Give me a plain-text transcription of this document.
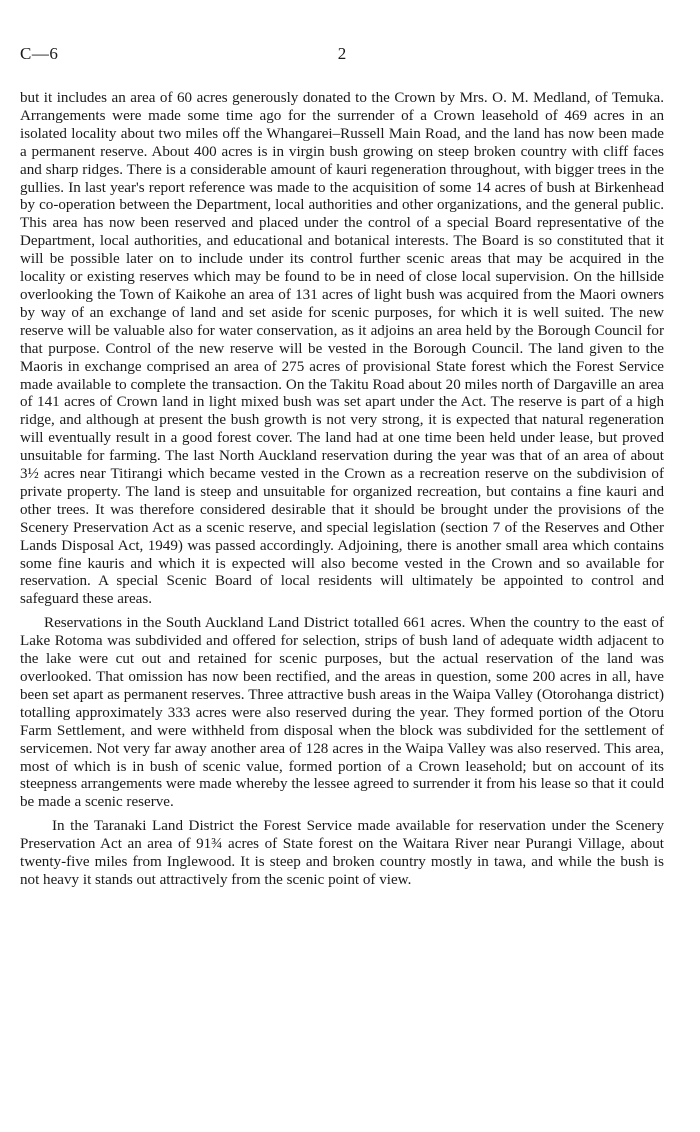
C—6	2

but it includes an area of 60 acres generously donated to the Crown by Mrs. O. M. Medland, of Temuka. Arrangements were made some time ago for the surrender of a Crown leasehold of 469 acres in an isolated locality about two miles off the Whangarei–Russell Main Road, and the land has now been made a permanent reserve. About 400 acres is in virgin bush growing on steep broken country with cliff faces and sharp ridges. There is a considerable amount of kauri regeneration throughout, with bigger trees in the gullies. In last year's report reference was made to the acquisition of some 14 acres of bush at Birkenhead by co-operation between the Department, local authorities and other organizations, and the general public. This area has now been reserved and placed under the control of a special Board representative of the Department, local authorities, and educational and botanical interests. The Board is so constituted that it will be possible later on to include under its control further scenic areas that may be acquired in the locality or existing reserves which may be found to be in need of close local supervision. On the hillside overlooking the Town of Kaikohe an area of 131 acres of light bush was acquired from the Maori owners by way of an exchange of land and set aside for scenic purposes, for which it is well suited. The new reserve will be valuable also for water conservation, as it adjoins an area held by the Borough Council for that purpose. Control of the new reserve will be vested in the Borough Council. The land given to the Maoris in exchange comprised an area of 275 acres of provisional State forest which the Forest Service made available to complete the transaction. On the Takitu Road about 20 miles north of Dargaville an area of 141 acres of Crown land in light mixed bush was set apart under the Act. The reserve is part of a high ridge, and although at present the bush growth is not very strong, it is expected that natural regeneration will eventually result in a good forest cover. The land had at one time been held under lease, but proved unsuitable for farming. The last North Auckland reservation during the year was that of an area of about 3½ acres near Titirangi which became vested in the Crown as a recreation reserve on the subdivision of private property. The land is steep and unsuitable for organized recreation, but contains a fine kauri and other trees. It was therefore considered desirable that it should be brought under the provisions of the Scenery Preservation Act as a scenic reserve, and special legislation (section 7 of the Reserves and Other Lands Disposal Act, 1949) was passed accordingly. Adjoining, there is another small area which contains some fine kauris and which it is expected will also become vested in the Crown and so available for reservation. A special Scenic Board of local residents will ultimately be appointed to control and safeguard these areas.

Reservations in the South Auckland Land District totalled 661 acres. When the country to the east of Lake Rotoma was subdivided and offered for selection, strips of bush land of adequate width adjacent to the lake were cut out and retained for scenic purposes, but the actual reservation of the land was overlooked. That omission has now been rectified, and the areas in question, some 200 acres in all, have been set apart as permanent reserves. Three attractive bush areas in the Waipa Valley (Otorohanga district) totalling approximately 333 acres were also reserved during the year. They formed portion of the Otoru Farm Settlement, and were withheld from disposal when the block was subdivided for the settlement of servicemen. Not very far away another area of 128 acres in the Waipa Valley was also reserved. This area, most of which is in bush of scenic value, formed portion of a Crown leasehold; but on account of its steepness arrangements were made whereby the lessee agreed to surrender it from his lease so that it could be made a scenic reserve.

In the Taranaki Land District the Forest Service made available for reservation under the Scenery Preservation Act an area of 91¾ acres of State forest on the Waitara River near Purangi Village, about twenty-five miles from Inglewood. It is steep and broken country mostly in tawa, and while the bush is not heavy it stands out attractively from the scenic point of view.
